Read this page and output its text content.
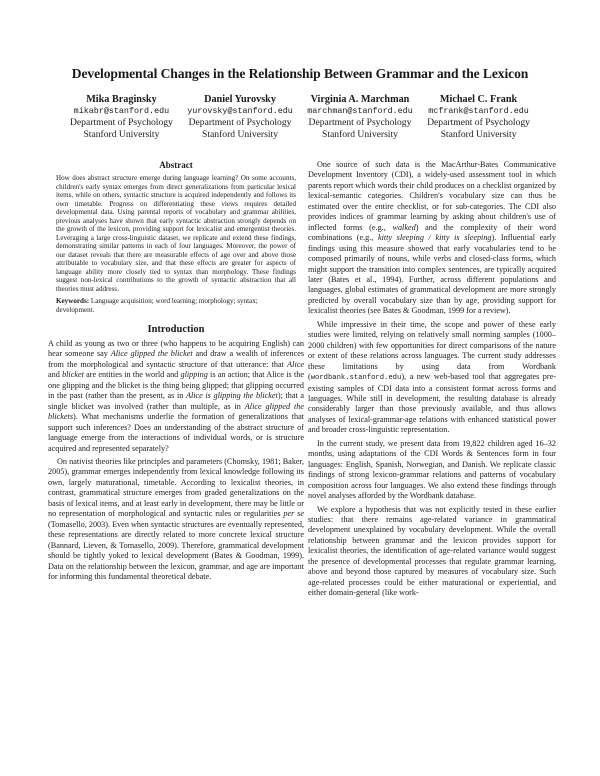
Developmental Changes in the Relationship Between Grammar and the Lexicon
Mika Braginsky
mikabr@stanford.edu
Department of Psychology
Stanford University
Daniel Yurovsky
yurovsky@stanford.edu
Department of Psychology
Stanford University
Virginia A. Marchman
marchman@stanford.edu
Department of Psychology
Stanford University
Michael C. Frank
mcfrank@stanford.edu
Department of Psychology
Stanford University
Abstract

How does abstract structure emerge during language learning? On some accounts, children's early syntax emerges from direct generalizations from particular lexical items, while on others, syntactic structure is acquired independently and follows its own timetable. Progress on differentiating these views requires detailed developmental data. Using parental reports of vocabulary and grammar abilities, previous analyses have shown that early syntactic abstraction strongly depends on the growth of the lexicon, providing support for lexicalist and emergentist theories. Leveraging a large cross-linguistic dataset, we replicate and extend these findings, demonstrating similar patterns in each of four languages. Moreover, the power of our dataset reveals that there are measurable effects of age over and above those attributable to vocabulary size, and that these effects are greater for aspects of language ability more closely tied to syntax than morphology. These findings suggest non-lexical contributions to the growth of syntactic abstraction that all theories must address.

Keywords: Language acquisition; word learning; morphology; syntax; development.

Introduction

A child as young as two or three (who happens to be acquiring English) can hear someone say Alice glipped the blicket and draw a wealth of inferences from the morphological and syntactic structure of that utterance: that Alice and blicket are entities in the world and glipping is an action; that Alice is the one glipping and the blicket is the thing being glipped; that glipping occurred in the past (rather than the present, as in Alice is glipping the blicket); that a single blicket was involved (rather than multiple, as in Alice glipped the blickets). What mechanisms underlie the formation of generalizations that support such inferences? Does an understanding of the abstract structure of language emerge from the interactions of individual words, or is structure acquired and represented separately?

On nativist theories like principles and parameters (Chomsky, 1981; Baker, 2005), grammar emerges independently from lexical knowledge following its own, largely maturational, timetable. According to lexicalist theories, in contrast, grammatical structure emerges from graded generalizations on the basis of lexical items, and at least early in development, there may be little or no representation of morphological and syntactic rules or regularities per se (Tomasello, 2003). Even when syntactic structures are eventually represented, these representations are directly related to more concrete lexical structure (Bannard, Lieven, & Tomasello, 2009). Therefore, grammatical development should be tightly yoked to lexical development (Bates & Goodman, 1999). Data on the relationship between the lexicon, grammar, and age are important for informing this fundamental theoretical debate.

One source of such data is the MacArthur-Bates Communicative Development Inventory (CDI), a widely-used assessment tool in which parents report which words their child produces on a checklist organized by lexical-semantic categories. Children's vocabulary size can thus be estimated over the entire checklist, or for sub-categories. The CDI also provides indices of grammar learning by asking about children's use of inflected forms (e.g., walked) and the complexity of their word combinations (e.g., kitty sleeping / kitty is sleeping). Influential early findings using this measure showed that early vocabularies tend to be composed primarily of nouns, while verbs and closed-class forms, which might support the transition into complex sentences, are typically acquired later (Bates et al., 1994). Further, across different populations and languages, global estimates of grammatical development are more strongly predicted by overall vocabulary size than by age, providing support for lexicalist theories (see Bates & Goodman, 1999 for a review).

While impressive in their time, the scope and power of these early studies were limited, relying on relatively small norming samples (1000–2000 children) with few opportunities for direct comparisons of the nature or extent of these relations across languages. The current study addresses these limitations by using data from Wordbank (wordbank.stanford.edu), a new web-based tool that aggregates pre-existing samples of CDI data into a consistent format across forms and languages. While still in development, the resulting database is already considerably larger than those previously available, and thus allows analyses of lexical-grammar-age relations with enhanced statistical power and broader cross-linguistic representation.

In the current study, we present data from 19,822 children aged 16–32 months, using adaptations of the CDI Words & Sentences form in four languages: English, Spanish, Norwegian, and Danish. We replicate classic findings of strong lexicon-grammar relations and patterns of vocabulary composition across four languages. We also extend these findings through novel analyses afforded by the Wordbank database.

We explore a hypothesis that was not explicitly tested in these earlier studies: that there remains age-related variance in grammatical development unexplained by vocabulary development. While the overall relationship between grammar and the lexicon provides support for lexicalist theories, the identification of age-related variance would suggest the presence of developmental processes that regulate grammar learning, above and beyond those captured by measures of vocabulary size. Such age-related processes could be either maturational or experiential, and either domain-general (like work-
